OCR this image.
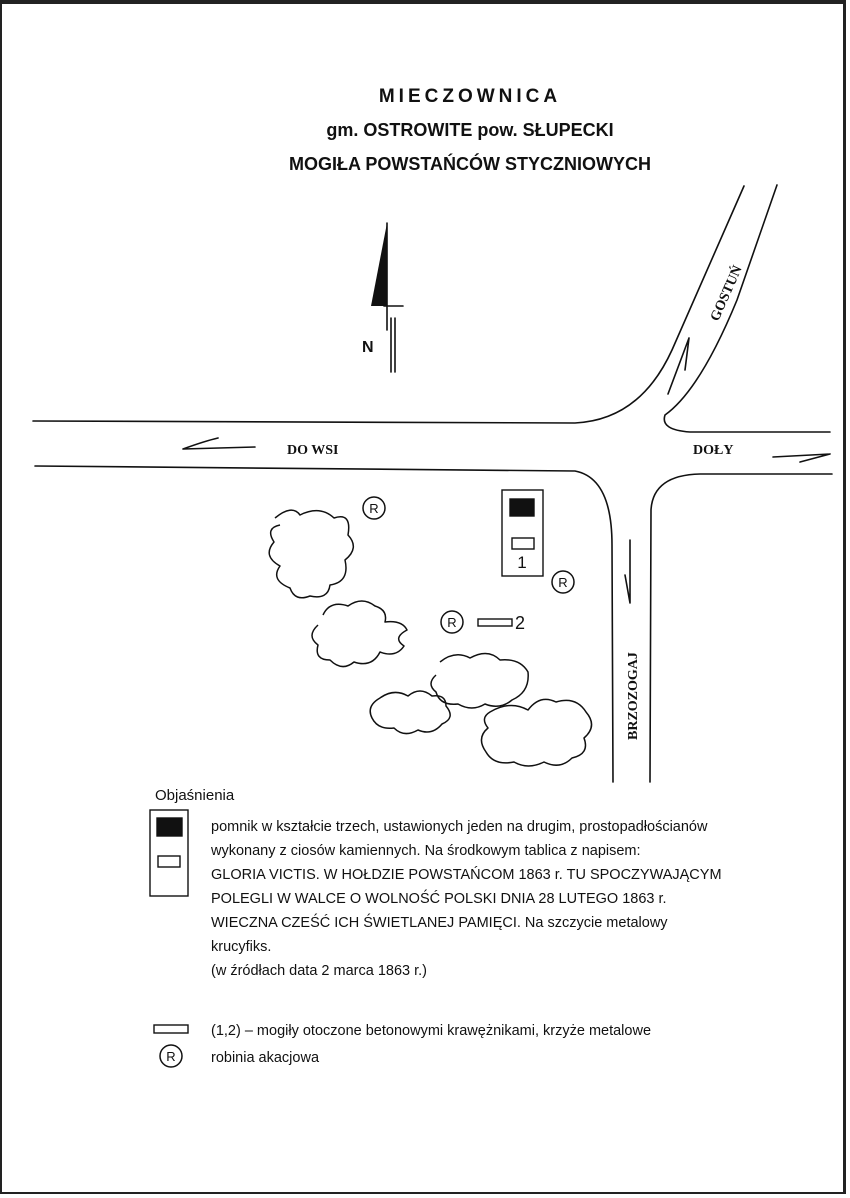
MIECZOWNICA
gm. OSTROWITE pow. SŁUPECKI
MOGIŁA POWSTAŃCÓW STYCZNIOWYCH
R
R
R
R
1
2
DO WSI	DOŁY
GOSTUŃ
BRZOZOGAJ
N
Objaśnienia
pomnik w kształcie trzech, ustawionych jeden na drugim, prostopadłościanów
wykonany z ciosów kamiennych. Na środkowym tablica z napisem:
GLORIA VICTIS. W HOŁDZIE POWSTAŃCOM 1863 r. TU SPOCZYWAJĄCYM
POLEGLI W WALCE O WOLNOŚĆ POLSKI DNIA 28 LUTEGO 1863 r.
WIECZNA CZEŚĆ ICH ŚWIETLANEJ PAMIĘCI. Na szczycie metalowy
krucyfiks.
(w źródłach data 2 marca 1863 r.)
(1,2) – mogiły otoczone betonowymi krawężnikami, krzyże metalowe
robinia akacjowa
